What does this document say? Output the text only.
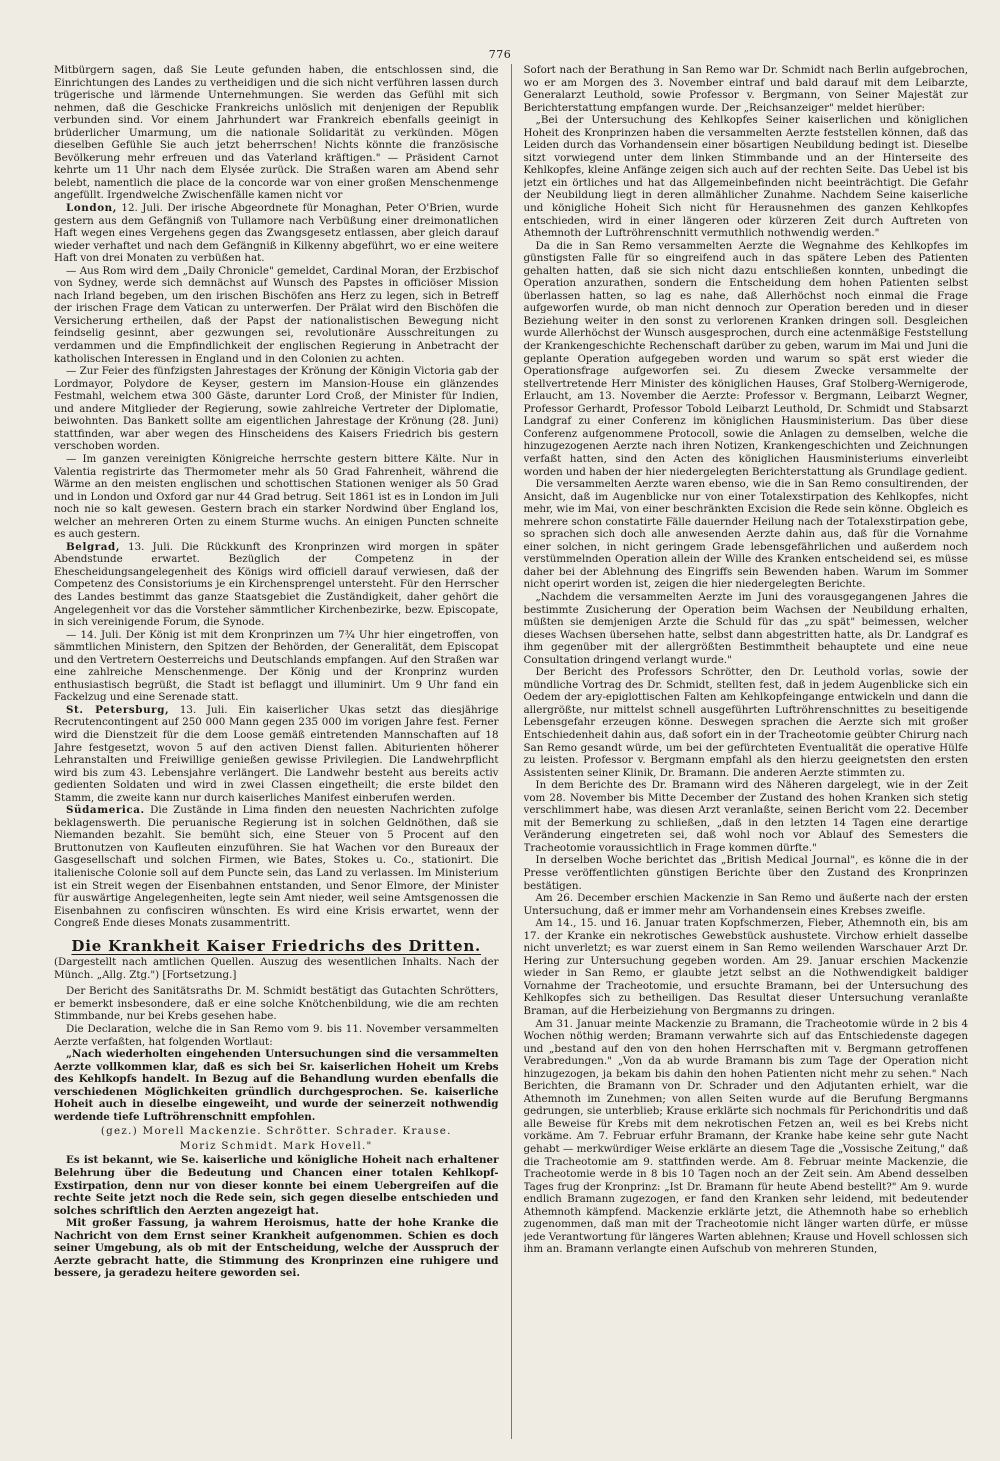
776

Mitbürgern sagen, daß Sie Leute gefunden haben, die entschlossen sind, die Einrichtungen des Landes zu vertheidigen und die sich nicht verführen lassen durch trügerische und lärmende Unternehmungen. Sie werden das Gefühl mit sich nehmen, daß die Geschicke Frankreichs unlöslich mit denjenigen der Republik verbunden sind. Vor einem Jahrhundert war Frankreich ebenfalls geeinigt in brüderlicher Umarmung, um die nationale Solidarität zu verkünden. Mögen dieselben Gefühle Sie auch jetzt beherrschen! Nichts könnte die französische Bevölkerung mehr erfreuen und das Vaterland kräftigen." — Präsident Carnot kehrte um 11 Uhr nach dem Elysée zurück. Die Straßen waren am Abend sehr belebt, namentlich die place de la concorde war von einer großen Menschenmenge angefüllt. Irgendwelche Zwischenfälle kamen nicht vor

London, 12. Juli. Der irische Abgeordnete für Monaghan, Peter O'Brien, wurde gestern aus dem Gefängniß von Tullamore nach Verbüßung einer dreimonatlichen Haft wegen eines Vergehens gegen das Zwangsgesetz entlassen, aber gleich darauf wieder verhaftet und nach dem Gefängniß in Kilkenny abgeführt, wo er eine weitere Haft von drei Monaten zu verbüßen hat.

— Aus Rom wird dem „Daily Chronicle" gemeldet, Cardinal Moran, der Erzbischof von Sydney, werde sich demnächst auf Wunsch des Papstes in officiöser Mission nach Irland begeben, um den irischen Bischöfen ans Herz zu legen, sich in Betreff der irischen Frage dem Vatican zu unterwerfen. Der Prälat wird den Bischöfen die Versicherung ertheilen, daß der Papst der nationalistischen Bewegung nicht feindselig gesinnt, aber gezwungen sei, revolutionäre Ausschreitungen zu verdammen und die Empfindlichkeit der englischen Regierung in Anbetracht der katholischen Interessen in England und in den Colonien zu achten.

— Zur Feier des fünfzigsten Jahrestages der Krönung der Königin Victoria gab der Lordmayor, Polydore de Keyser, gestern im Mansion-House ein glänzendes Festmahl, welchem etwa 300 Gäste, darunter Lord Croß, der Minister für Indien, und andere Mitglieder der Regierung, sowie zahlreiche Vertreter der Diplomatie, beiwohnten. Das Bankett sollte am eigentlichen Jahrestage der Krönung (28. Juni) stattfinden, war aber wegen des Hinscheidens des Kaisers Friedrich bis gestern verschoben worden.

— Im ganzen vereinigten Königreiche herrschte gestern bittere Kälte. Nur in Valentia registrirte das Thermometer mehr als 50 Grad Fahrenheit, während die Wärme an den meisten englischen und schottischen Stationen weniger als 50 Grad und in London und Oxford gar nur 44 Grad betrug. Seit 1861 ist es in London im Juli noch nie so kalt gewesen. Gestern brach ein starker Nordwind über England los, welcher an mehreren Orten zu einem Sturme wuchs. An einigen Puncten schneite es auch gestern.

Belgrad, 13. Juli. Die Rückkunft des Kronprinzen wird morgen in später Abendstunde erwartet. Bezüglich der Competenz in der Ehescheidungsangelegenheit des Königs wird officiell darauf verwiesen, daß der Competenz des Consistoriums je ein Kirchensprengel untersteht. Für den Herrscher des Landes bestimmt das ganze Staatsgebiet die Zuständigkeit, daher gehört die Angelegenheit vor das die Vorsteher sämmtlicher Kirchenbezirke, bezw. Episcopate, in sich vereinigende Forum, die Synode.

— 14. Juli. Der König ist mit dem Kronprinzen um 7¾ Uhr hier eingetroffen, von sämmtlichen Ministern, den Spitzen der Behörden, der Generalität, dem Episcopat und den Vertretern Oesterreichs und Deutschlands empfangen. Auf den Straßen war eine zahlreiche Menschenmenge. Der König und der Kronprinz wurden enthusiastisch begrüßt, die Stadt ist beflaggt und illuminirt. Um 9 Uhr fand ein Fackelzug und eine Serenade statt.

St. Petersburg, 13. Juli. Ein kaiserlicher Ukas setzt das diesjährige Recrutencontingent auf 250 000 Mann gegen 235 000 im vorigen Jahre fest. Ferner wird die Dienstzeit für die dem Loose gemäß eintretenden Mannschaften auf 18 Jahre festgesetzt, wovon 5 auf den activen Dienst fallen. Abiturienten höherer Lehranstalten und Freiwillige genießen gewisse Privilegien. Die Landwehrpflicht wird bis zum 43. Lebensjahre verlängert. Die Landwehr besteht aus bereits activ gedienten Soldaten und wird in zwei Classen eingetheilt; die erste bildet den Stamm, die zweite kann nur durch kaiserliches Manifest einberufen werden.

Südamerica. Die Zustände in Lima finden den neuesten Nachrichten zufolge beklagenswerth. Die peruanische Regierung ist in solchen Geldnöthen, daß sie Niemanden bezahlt. Sie bemüht sich, eine Steuer von 5 Procent auf den Bruttonutzen von Kaufleuten einzuführen. Sie hat Wachen vor den Bureaux der Gasgesellschaft und solchen Firmen, wie Bates, Stokes u. Co., stationirt. Die italienische Colonie soll auf dem Puncte sein, das Land zu verlassen. Im Ministerium ist ein Streit wegen der Eisenbahnen entstanden, und Senor Elmore, der Minister für auswärtige Angelegenheiten, legte sein Amt nieder, weil seine Amtsgenossen die Eisenbahnen zu confisciren wünschten. Es wird eine Krisis erwartet, wenn der Congreß Ende dieses Monats zusammentritt.

Die Krankheit Kaiser Friedrichs des Dritten.

(Dargestellt nach amtlichen Quellen. Auszug des wesentlichen Inhalts. Nach der Münch. „Allg. Ztg.") [Fortsetzung.]

Der Bericht des Sanitätsraths Dr. M. Schmidt bestätigt das Gutachten Schrötters, er bemerkt insbesondere, daß er eine solche Knötchenbildung, wie die am rechten Stimmbande, nur bei Krebs gesehen habe.

Die Declaration, welche die in San Remo vom 9. bis 11. November versammelten Aerzte verfaßten, hat folgenden Wortlaut:

„Nach wiederholten eingehenden Untersuchungen sind die versammelten Aerzte vollkommen klar, daß es sich bei Sr. kaiserlichen Hoheit um Krebs des Kehlkopfs handelt. In Bezug auf die Behandlung wurden ebenfalls die verschiedenen Möglichkeiten gründlich durchgesprochen. Se. kaiserliche Hoheit auch in dieselbe eingeweiht, und wurde der seinerzeit nothwendig werdende tiefe Luftröhrenschnitt empfohlen.

(gez.) Morell Mackenzie. Schrötter. Schrader. Krause.

Moriz Schmidt. Mark Hovell."

Es ist bekannt, wie Se. kaiserliche und königliche Hoheit nach erhaltener Belehrung über die Bedeutung und Chancen einer totalen Kehlkopf-Exstirpation, denn nur von dieser konnte bei einem Uebergreifen auf die rechte Seite jetzt noch die Rede sein, sich gegen dieselbe entschieden und solches schriftlich den Aerzten angezeigt hat.

Mit großer Fassung, ja wahrem Heroismus, hatte der hohe Kranke die Nachricht von dem Ernst seiner Krankheit aufgenommen. Schien es doch seiner Umgebung, als ob mit der Entscheidung, welche der Ausspruch der Aerzte gebracht hatte, die Stimmung des Kronprinzen eine ruhigere und bessere, ja geradezu heitere geworden sei.

Sofort nach der Berathung in San Remo war Dr. Schmidt nach Berlin aufgebrochen, wo er am Morgen des 3. November eintraf und bald darauf mit dem Leibarzte, Generalarzt Leuthold, sowie Professor v. Bergmann, von Seiner Majestät zur Berichterstattung empfangen wurde. Der „Reichsanzeiger" meldet hierüber:

„Bei der Untersuchung des Kehlkopfes Seiner kaiserlichen und königlichen Hoheit des Kronprinzen haben die versammelten Aerzte feststellen können, daß das Leiden durch das Vorhandensein einer bösartigen Neubildung bedingt ist. Dieselbe sitzt vorwiegend unter dem linken Stimmbande und an der Hinterseite des Kehlkopfes, kleine Anfänge zeigen sich auch auf der rechten Seite. Das Uebel ist bis jetzt ein örtliches und hat das Allgemeinbefinden nicht beeinträchtigt. Die Gefahr der Neubildung liegt in deren allmählicher Zunahme. Nachdem Seine kaiserliche und königliche Hoheit Sich nicht für Herausnehmen des ganzen Kehlkopfes entschieden, wird in einer längeren oder kürzeren Zeit durch Auftreten von Athemnoth der Luftröhrenschnitt vermuthlich nothwendig werden."

Da die in San Remo versammelten Aerzte die Wegnahme des Kehlkopfes im günstigsten Falle für so eingreifend auch in das spätere Leben des Patienten gehalten hatten, daß sie sich nicht dazu entschließen konnten, unbedingt die Operation anzurathen, sondern die Entscheidung dem hohen Patienten selbst überlassen hatten, so lag es nahe, daß Allerhöchst noch einmal die Frage aufgeworfen wurde, ob man nicht dennoch zur Operation bereden und in dieser Beziehung weiter in den sonst zu verlorenen Kranken dringen soll. Desgleichen wurde Allerhöchst der Wunsch ausgesprochen, durch eine actenmäßige Feststellung der Krankengeschichte Rechenschaft darüber zu geben, warum im Mai und Juni die geplante Operation aufgegeben worden und warum so spät erst wieder die Operationsfrage aufgeworfen sei. Zu diesem Zwecke versammelte der stellvertretende Herr Minister des königlichen Hauses, Graf Stolberg-Wernigerode, Erlaucht, am 13. November die Aerzte: Professor v. Bergmann, Leibarzt Wegner, Professor Gerhardt, Professor Tobold Leibarzt Leuthold, Dr. Schmidt und Stabsarzt Landgraf zu einer Conferenz im königlichen Hausministerium. Das über diese Conferenz aufgenommene Protocoll, sowie die Anlagen zu demselben, welche die hinzugezogenen Aerzte nach ihren Notizen, Krankengeschichten und Zeichnungen verfaßt hatten, sind den Acten des königlichen Hausministeriums einverleibt worden und haben der hier niedergelegten Berichterstattung als Grundlage gedient.

Die versammelten Aerzte waren ebenso, wie die in San Remo consultirenden, der Ansicht, daß im Augenblicke nur von einer Totalexstirpation des Kehlkopfes, nicht mehr, wie im Mai, von einer beschränkten Excision die Rede sein könne. Obgleich es mehrere schon constatirte Fälle dauernder Heilung nach der Totalexstirpation gebe, so sprachen sich doch alle anwesenden Aerzte dahin aus, daß für die Vornahme einer solchen, in nicht geringem Grade lebensgefährlichen und außerdem noch verstümmelnden Operation allein der Wille des Kranken entscheidend sei, es müsse daher bei der Ablehnung des Eingriffs sein Bewenden haben. Warum im Sommer nicht operirt worden ist, zeigen die hier niedergelegten Berichte.

„Nachdem die versammelten Aerzte im Juni des vorausgegangenen Jahres die bestimmte Zusicherung der Operation beim Wachsen der Neubildung erhalten, müßten sie demjenigen Arzte die Schuld für das „zu spät" beimessen, welcher dieses Wachsen übersehen hatte, selbst dann abgestritten hatte, als Dr. Landgraf es ihm gegenüber mit der allergrößten Bestimmtheit behauptete und eine neue Consultation dringend verlangt wurde."

Der Bericht des Professors Schrötter, den Dr. Leuthold vorlas, sowie der mündliche Vortrag des Dr. Schmidt, stellten fest, daß in jedem Augenblicke sich ein Oedem der ary-epiglottischen Falten am Kehlkopfeingange entwickeln und dann die allergrößte, nur mittelst schnell ausgeführten Luftröhrenschnittes zu beseitigende Lebensgefahr erzeugen könne. Deswegen sprachen die Aerzte sich mit großer Entschiedenheit dahin aus, daß sofort ein in der Tracheotomie geübter Chirurg nach San Remo gesandt würde, um bei der gefürchteten Eventualität die operative Hülfe zu leisten. Professor v. Bergmann empfahl als den hierzu geeignetsten den ersten Assistenten seiner Klinik, Dr. Bramann. Die anderen Aerzte stimmten zu.

In dem Berichte des Dr. Bramann wird des Näheren dargelegt, wie in der Zeit vom 28. November bis Mitte December der Zustand des hohen Kranken sich stetig verschlimmert habe, was diesen Arzt veranlaßte, seinen Bericht vom 22. December mit der Bemerkung zu schließen, „daß in den letzten 14 Tagen eine derartige Veränderung eingetreten sei, daß wohl noch vor Ablauf des Semesters die Tracheotomie voraussichtlich in Frage kommen dürfte."

In derselben Woche berichtet das „British Medical Journal", es könne die in der Presse veröffentlichten günstigen Berichte über den Zustand des Kronprinzen bestätigen.

Am 26. December erschien Mackenzie in San Remo und äußerte nach der ersten Untersuchung, daß er immer mehr am Vorhandensein eines Krebses zweifle.

Am 14., 15. und 16. Januar traten Kopfschmerzen, Fieber, Athemnoth ein, bis am 17. der Kranke ein nekrotisches Gewebstück aushustete. Virchow erhielt dasselbe nicht unverletzt; es war zuerst einem in San Remo weilenden Warschauer Arzt Dr. Hering zur Untersuchung gegeben worden. Am 29. Januar erschien Mackenzie wieder in San Remo, er glaubte jetzt selbst an die Nothwendigkeit baldiger Vornahme der Tracheotomie, und ersuchte Bramann, bei der Untersuchung des Kehlkopfes sich zu betheiligen. Das Resultat dieser Untersuchung veranlaßte Braman, auf die Herbeiziehung von Bergmanns zu dringen.

Am 31. Januar meinte Mackenzie zu Bramann, die Tracheotomie würde in 2 bis 4 Wochen nöthig werden; Bramann verwahrte sich auf das Entschiedenste dagegen und „bestand auf den von den hohen Herrschaften mit v. Bergmann getroffenen Verabredungen." „Von da ab wurde Bramann bis zum Tage der Operation nicht hinzugezogen, ja bekam bis dahin den hohen Patienten nicht mehr zu sehen." Nach Berichten, die Bramann von Dr. Schrader und den Adjutanten erhielt, war die Athemnoth im Zunehmen; von allen Seiten wurde auf die Berufung Bergmanns gedrungen, sie unterblieb; Krause erklärte sich nochmals für Perichondritis und daß alle Beweise für Krebs mit dem nekrotischen Fetzen an, weil es bei Krebs nicht vorkäme. Am 7. Februar erfuhr Bramann, der Kranke habe keine sehr gute Nacht gehabt — merkwürdiger Weise erklärte an diesem Tage die „Vossische Zeitung," daß die Tracheotomie am 9. stattfinden werde. Am 8. Februar meinte Mackenzie, die Tracheotomie werde in 8 bis 10 Tagen noch an der Zeit sein. Am Abend desselben Tages frug der Kronprinz: „Ist Dr. Bramann für heute Abend bestellt?" Am 9. wurde endlich Bramann zugezogen, er fand den Kranken sehr leidend, mit bedeutender Athemnoth kämpfend. Mackenzie erklärte jetzt, die Athemnoth habe so erheblich zugenommen, daß man mit der Tracheotomie nicht länger warten dürfe, er müsse jede Verantwortung für längeres Warten ablehnen; Krause und Hovell schlossen sich ihm an. Bramann verlangte einen Aufschub von mehreren Stunden,
